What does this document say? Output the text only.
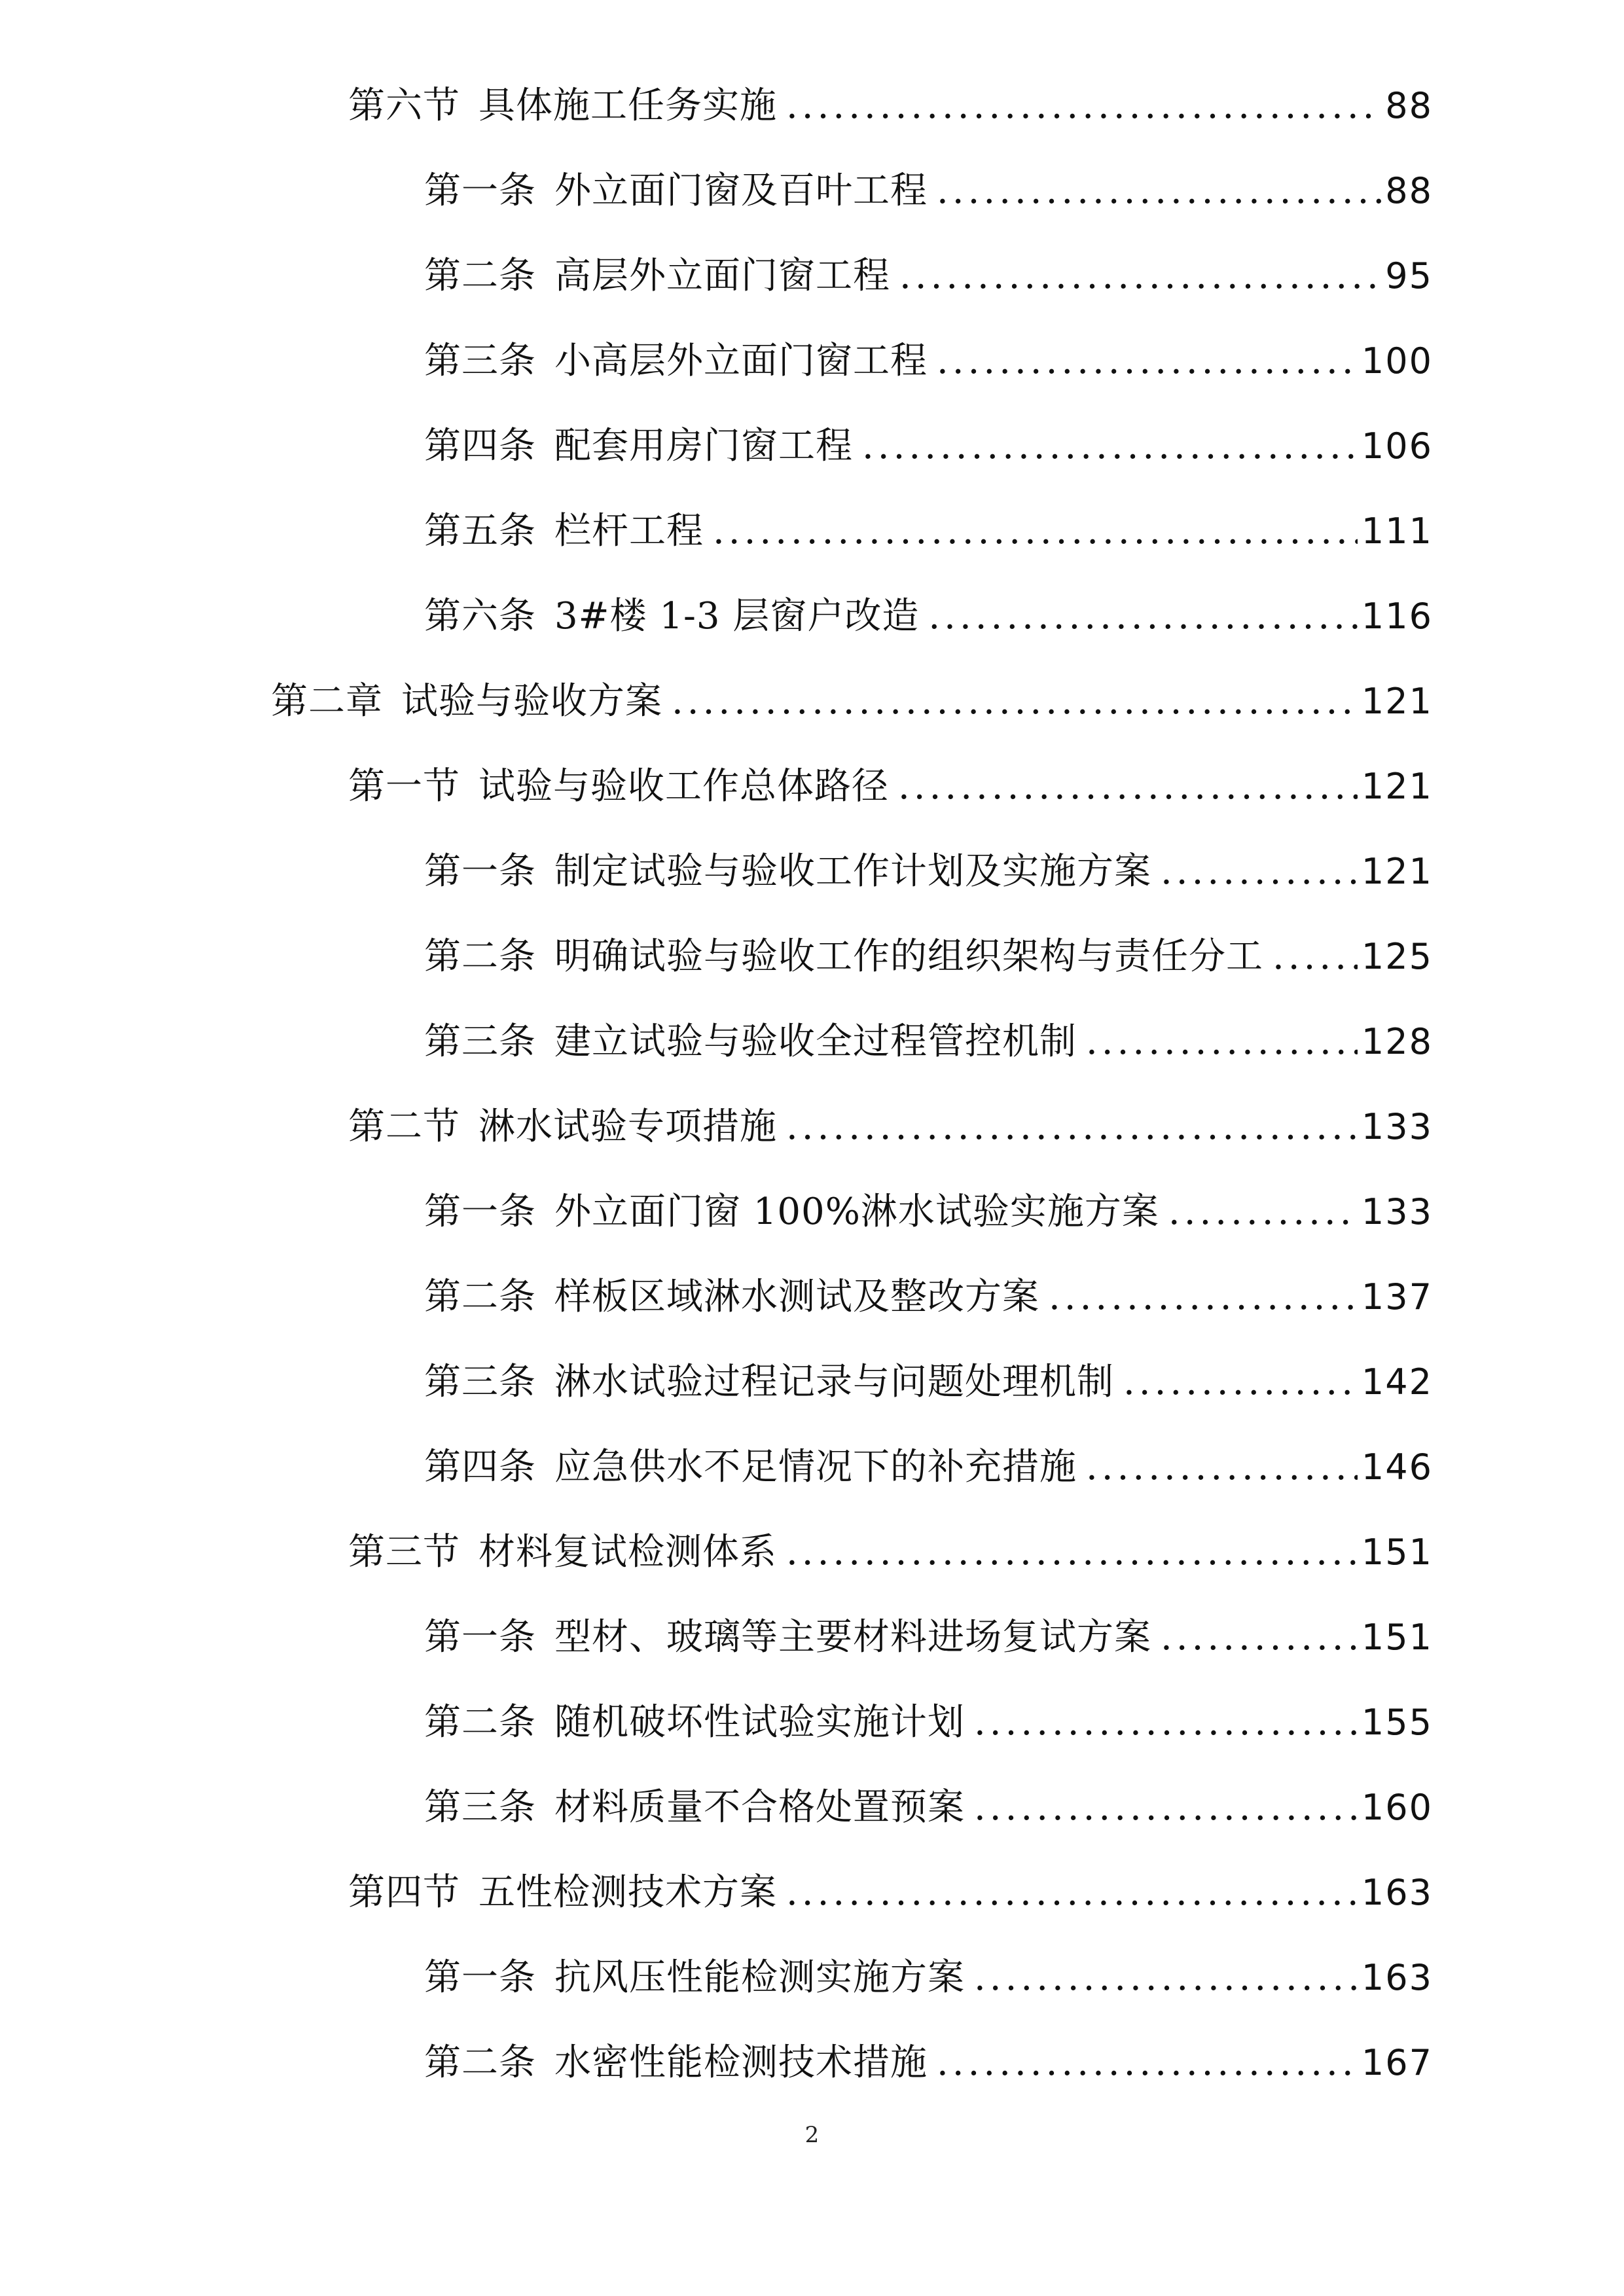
第六节 具体施工任务实施 .....	88
第一条 外立面门窗及百叶工程 .....	88
第二条 高层外立面门窗工程 .....	95
第三条 小高层外立面门窗工程 .....	100
第四条 配套用房门窗工程 .....	106
第五条 栏杆工程 .....	111
第六条 3#楼 1-3 层窗户改造 .....	116
第二章 试验与验收方案 .....	121
第一节 试验与验收工作总体路径 .....	121
第一条 制定试验与验收工作计划及实施方案 .....	121
第二条 明确试验与验收工作的组织架构与责任分工 .....	125
第三条 建立试验与验收全过程管控机制 .....	128
第二节 淋水试验专项措施 .....	133
第一条 外立面门窗 100%淋水试验实施方案 .....	133
第二条 样板区域淋水测试及整改方案 .....	137
第三条 淋水试验过程记录与问题处理机制 .....	142
第四条 应急供水不足情况下的补充措施 .....	146
第三节 材料复试检测体系 .....	151
第一条 型材、玻璃等主要材料进场复试方案 .....	151
第二条 随机破坏性试验实施计划 .....	155
第三条 材料质量不合格处置预案 .....	160
第四节 五性检测技术方案 .....	163
第一条 抗风压性能检测实施方案 .....	163
第二条 水密性能检测技术措施 .....	167
2
